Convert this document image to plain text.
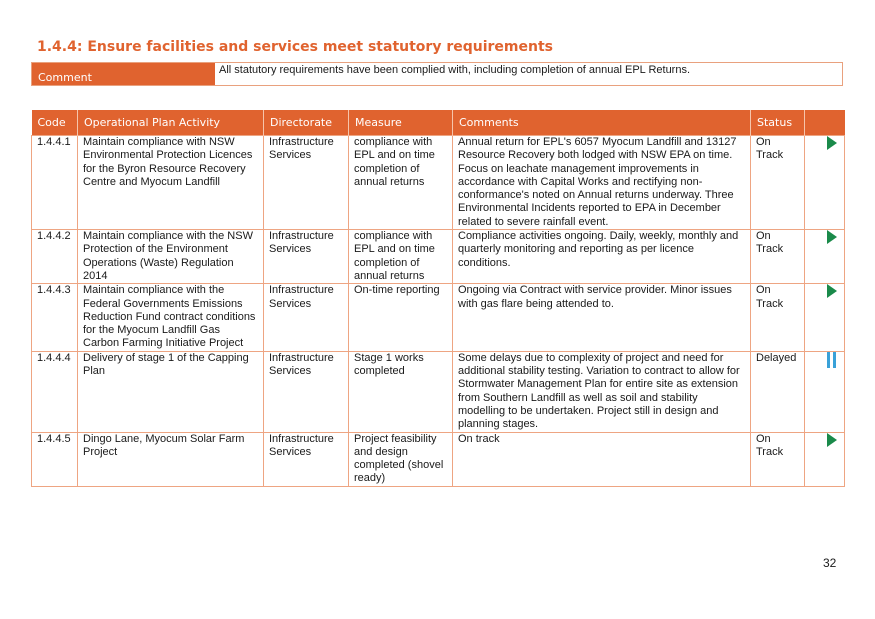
1.4.4: Ensure facilities and services meet statutory requirements
Comment
All statutory requirements have been complied with, including completion of annual EPL Returns.
Code	Operational Plan Activity	Directorate	Measure	Comments	Status	
1.4.4.1	Maintain compliance with NSW Environmental Protection Licences for the Byron Resource Recovery Centre and Myocum Landfill	Infrastructure Services	compliance with EPL and on time completion of annual returns	Annual return for EPL's 6057 Myocum Landfill and 13127 Resource Recovery both lodged with NSW EPA on time. Focus on leachate management improvements in accordance with Capital Works and rectifying non-conformance's noted on Annual returns underway. Three Environmental Incidents reported to EPA in December related to severe rainfall event.	On Track	
1.4.4.2	Maintain compliance with the NSW Protection of the Environment Operations (Waste) Regulation 2014	Infrastructure Services	compliance with EPL and on time completion of annual returns	Compliance activities ongoing. Daily, weekly, monthly and quarterly monitoring and reporting as per licence conditions.	On Track	
1.4.4.3	Maintain compliance with the Federal Governments Emissions Reduction Fund contract conditions for the Myocum Landfill Gas Carbon Farming Initiative Project	Infrastructure Services	On-time reporting	Ongoing via Contract with service provider. Minor issues with gas flare being attended to.	On Track	
1.4.4.4	Delivery of stage 1 of the Capping Plan	Infrastructure Services	Stage 1 works completed	Some delays due to complexity of project and need for additional stability testing. Variation to contract to allow for Stormwater Management Plan for entire site as extension from Southern Landfill as well as soil and stability modelling to be undertaken. Project still in design and planning stages.	Delayed	

1.4.4.5	Dingo Lane, Myocum Solar Farm Project	Infrastructure Services	Project feasibility and design completed (shovel ready)	On track	On Track	
32
